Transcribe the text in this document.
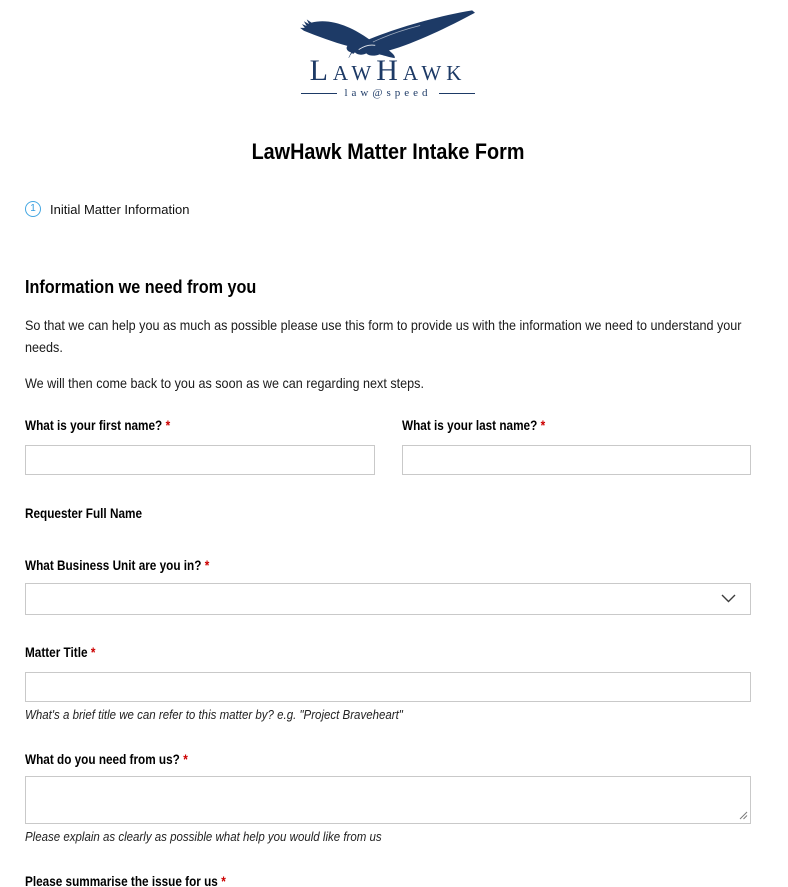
LawHawk
law@speed
LawHawk Matter Intake Form
1	Initial Matter Information
Information we need from you

So that we can help you as much as possible please use this form to provide us with the information we need to understand your needs.

We will then come back to you as soon as we can regarding next steps.

What is your first name? *	What is your last name? *
Requester Full Name
What Business Unit are you in? *
Matter Title *
What's a brief title we can refer to this matter by? e.g. "Project Braveheart"
What do you need from us? *
Please explain as clearly as possible what help you would like from us
Please summarise the issue for us *
